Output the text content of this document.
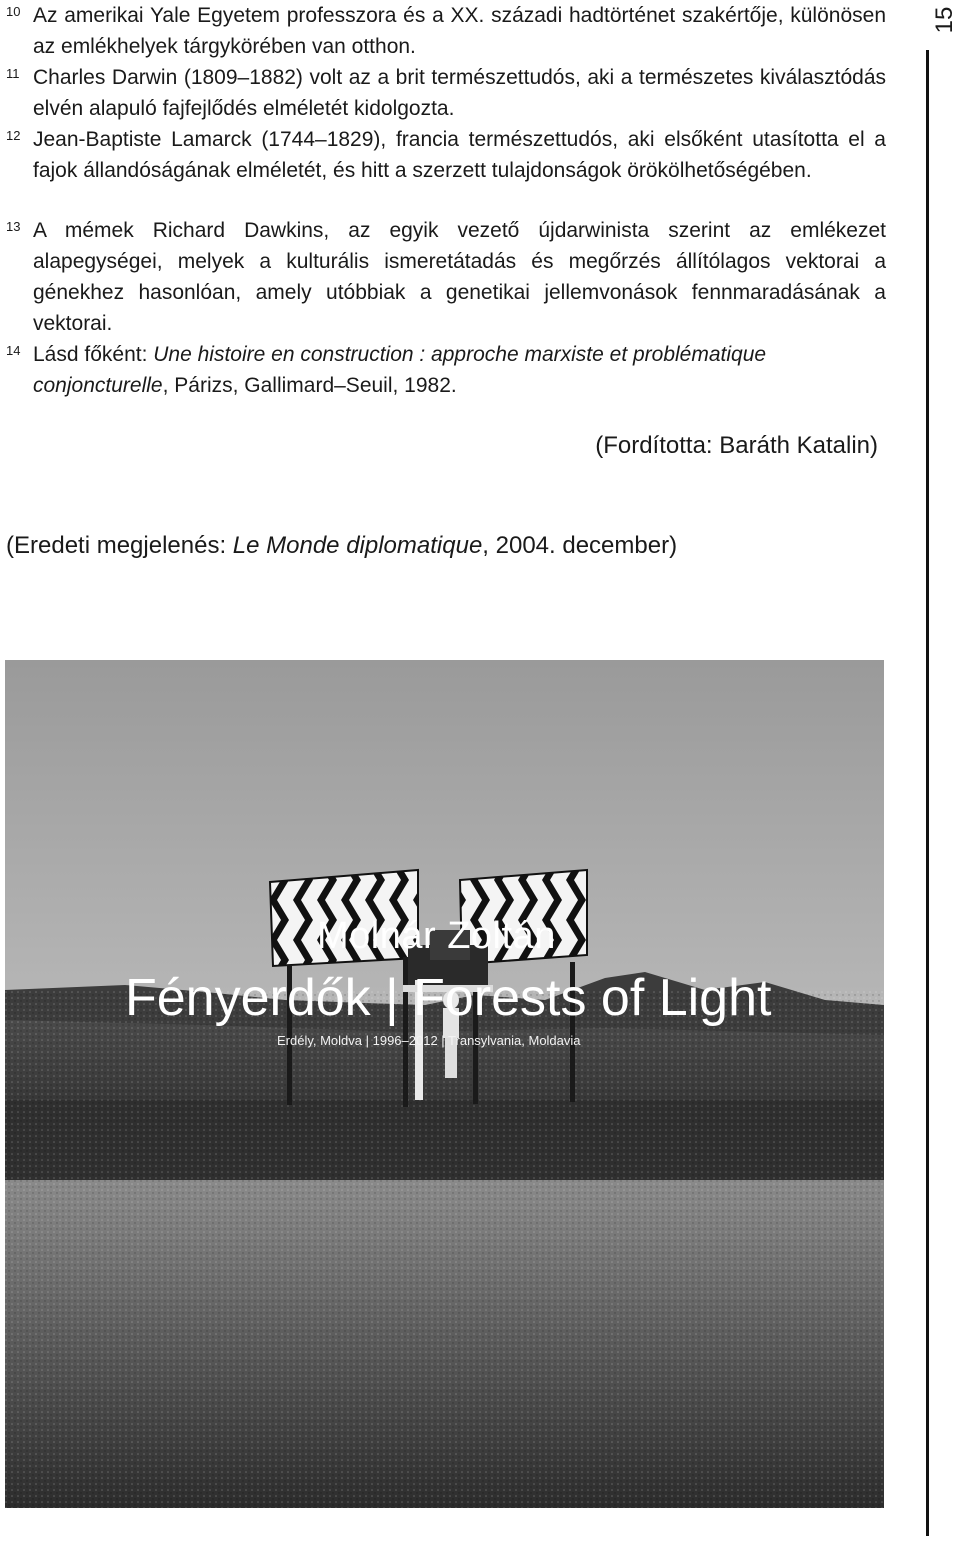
10 Az amerikai Yale Egyetem professzora és a XX. századi hadtörténet szakértője, különösen az emlékhelyek tárgykörében van otthon.
11 Charles Darwin (1809–1882) volt az a brit természettudós, aki a természetes kiválasztódás elvén alapuló fajfejlődés elméletét kidolgozta.
12 Jean-Baptiste Lamarck (1744–1829), francia természettudós, aki elsőként utasította el a fajok állandóságának elméletét, és hitt a szerzett tulajdonságok örökölhetőségében.
13 A mémek Richard Dawkins, az egyik vezető újdarwinista szerint az emlékezet alapegységei, melyek a kulturális ismeretátadás és megőrzés állítólagos vektorai a génekhez hasonlóan, amely utóbbiak a genetikai jellemvonások fennmaradásának a vektorai.
14 Lásd főként: Une histoire en construction : approche marxiste et problématique conjoncturelle, Párizs, Gallimard–Seuil, 1982.
(Fordította: Baráth Katalin)
(Eredeti megjelenés: Le Monde diplomatique, 2004. december)
15
Molnár Zoltán
Fényerdők | Forests of Light
Erdély, Moldva | 1996–2012 | Transylvania, Moldavia
